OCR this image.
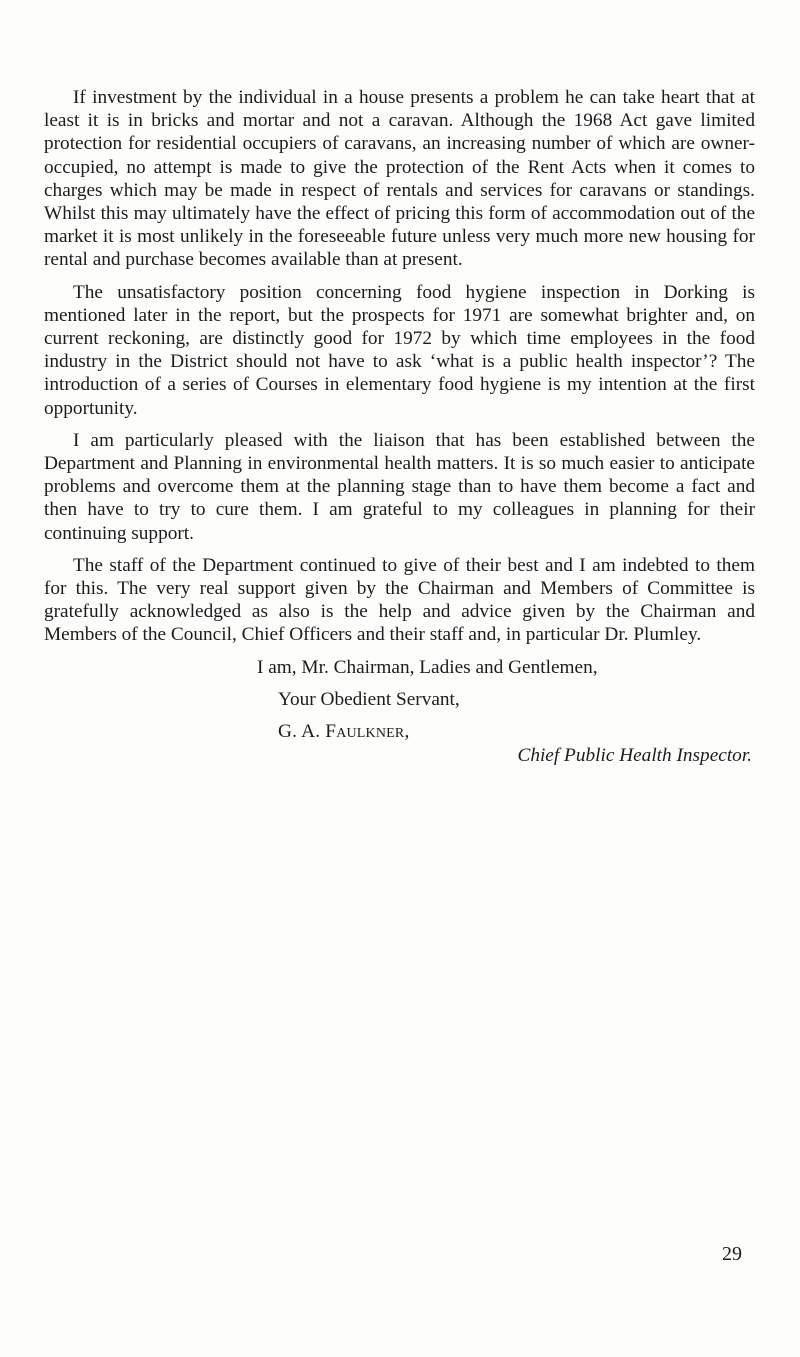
If investment by the individual in a house presents a problem he can take heart that at least it is in bricks and mortar and not a caravan. Although the 1968 Act gave limited protection for residential occupiers of caravans, an increasing number of which are owner-occupied, no attempt is made to give the protection of the Rent Acts when it comes to charges which may be made in respect of rentals and services for caravans or standings. Whilst this may ultimately have the effect of pricing this form of accommodation out of the market it is most unlikely in the foreseeable future unless very much more new housing for rental and purchase becomes available than at present.

The unsatisfactory position concerning food hygiene inspection in Dorking is mentioned later in the report, but the prospects for 1971 are somewhat brighter and, on current reckoning, are distinctly good for 1972 by which time employees in the food industry in the District should not have to ask ‘what is a public health inspector’? The introduction of a series of Courses in elementary food hygiene is my intention at the first opportunity.

I am particularly pleased with the liaison that has been established between the Department and Planning in environmental health matters. It is so much easier to anticipate problems and overcome them at the planning stage than to have them become a fact and then have to try to cure them. I am grateful to my colleagues in planning for their continuing support.

The staff of the Department continued to give of their best and I am indebted to them for this. The very real support given by the Chairman and Members of Committee is gratefully acknowledged as also is the help and advice given by the Chairman and Members of the Council, Chief Officers and their staff and, in particular Dr. Plumley.

I am, Mr. Chairman, Ladies and Gentlemen,

Your Obedient Servant,

G. A. Faulkner,

Chief Public Health Inspector.

29
